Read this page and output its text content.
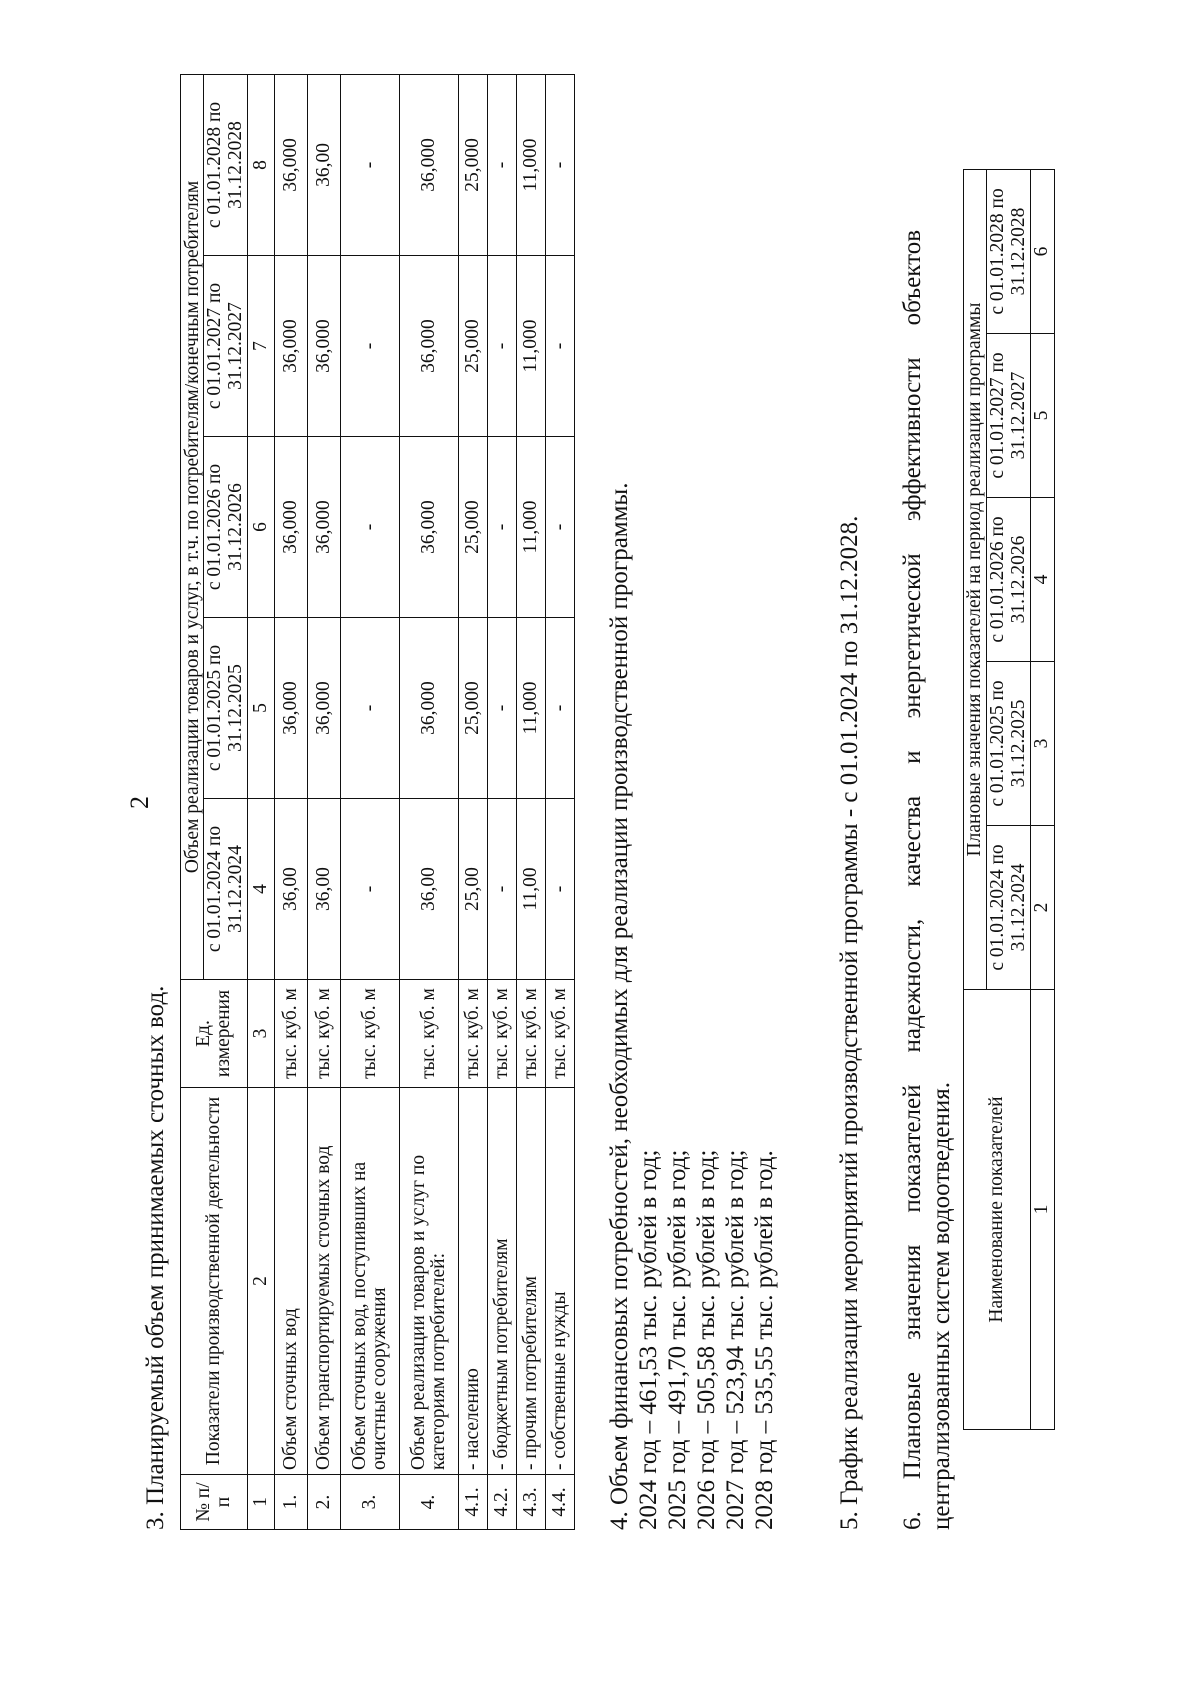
2
3. Планируемый объем принимаемых сточных вод. № п/п	Показатели производственной деятельности	Ед. измерения	Объем реализации товаров и услуг, в т.ч. по потребителям/конечным потребителям				
			с 01.01.2024 по 31.12.2024	с 01.01.2025 по 31.12.2025	с 01.01.2026 по 31.12.2026	с 01.01.2027 по 31.12.2027	с 01.01.2028 по 31.12.2028
1	2	3	4	5	6	7	8
1.	Объем сточных вод	тыс. куб. м	36,00	36,000	36,000	36,000	36,000
2.	Объем транспортируемых сточных вод	тыс. куб. м	36,00	36,000	36,000	36,000	36,00
3.	Объем сточных вод, поступивших на очистные сооружения	тыс. куб. м	-	-	-	-	-
4.	Объем реализации товаров и услуг по категориям потребителей:	тыс. куб. м	36,00	36,000	36,000	36,000	36,000
4.1.	- населению	тыс. куб. м	25,00	25,000	25,000	25,000	25,000
4.2.	- бюджетным потребителям	тыс. куб. м	-	-	-	-	-
4.3.	- прочим потребителям	тыс. куб. м	11,00	11,000	11,000	11,000	11,000
4.4.	- собственные нужды	тыс. куб. м	-	-	-	-	-
4. Объем финансовых потребностей, необходимых для реализации производственной программы. 2024 год – 461,53 тыс. рублей в год; 2025 год – 491,70 тыс. рублей в год; 2026 год – 505,58 тыс. рублей в год; 2027 год – 523,94 тыс. рублей в год; 2028 год – 535,55 тыс. рублей в год. 5. График реализации мероприятий производственной программы - с 01.01.2024 по 31.12.2028. 6.
Плановые
значения
показателей
надежности,
качества
и
энергетической
эффективности
объектов
централизованных систем водоотведения. Наименование показателей	Плановые значения показателей на период реализации программы				
	с 01.01.2024 по 31.12.2024	с 01.01.2025 по 31.12.2025	с 01.01.2026 по 31.12.2026	с 01.01.2027 по 31.12.2027	с 01.01.2028 по 31.12.2028
1	2	3	4	5	6
